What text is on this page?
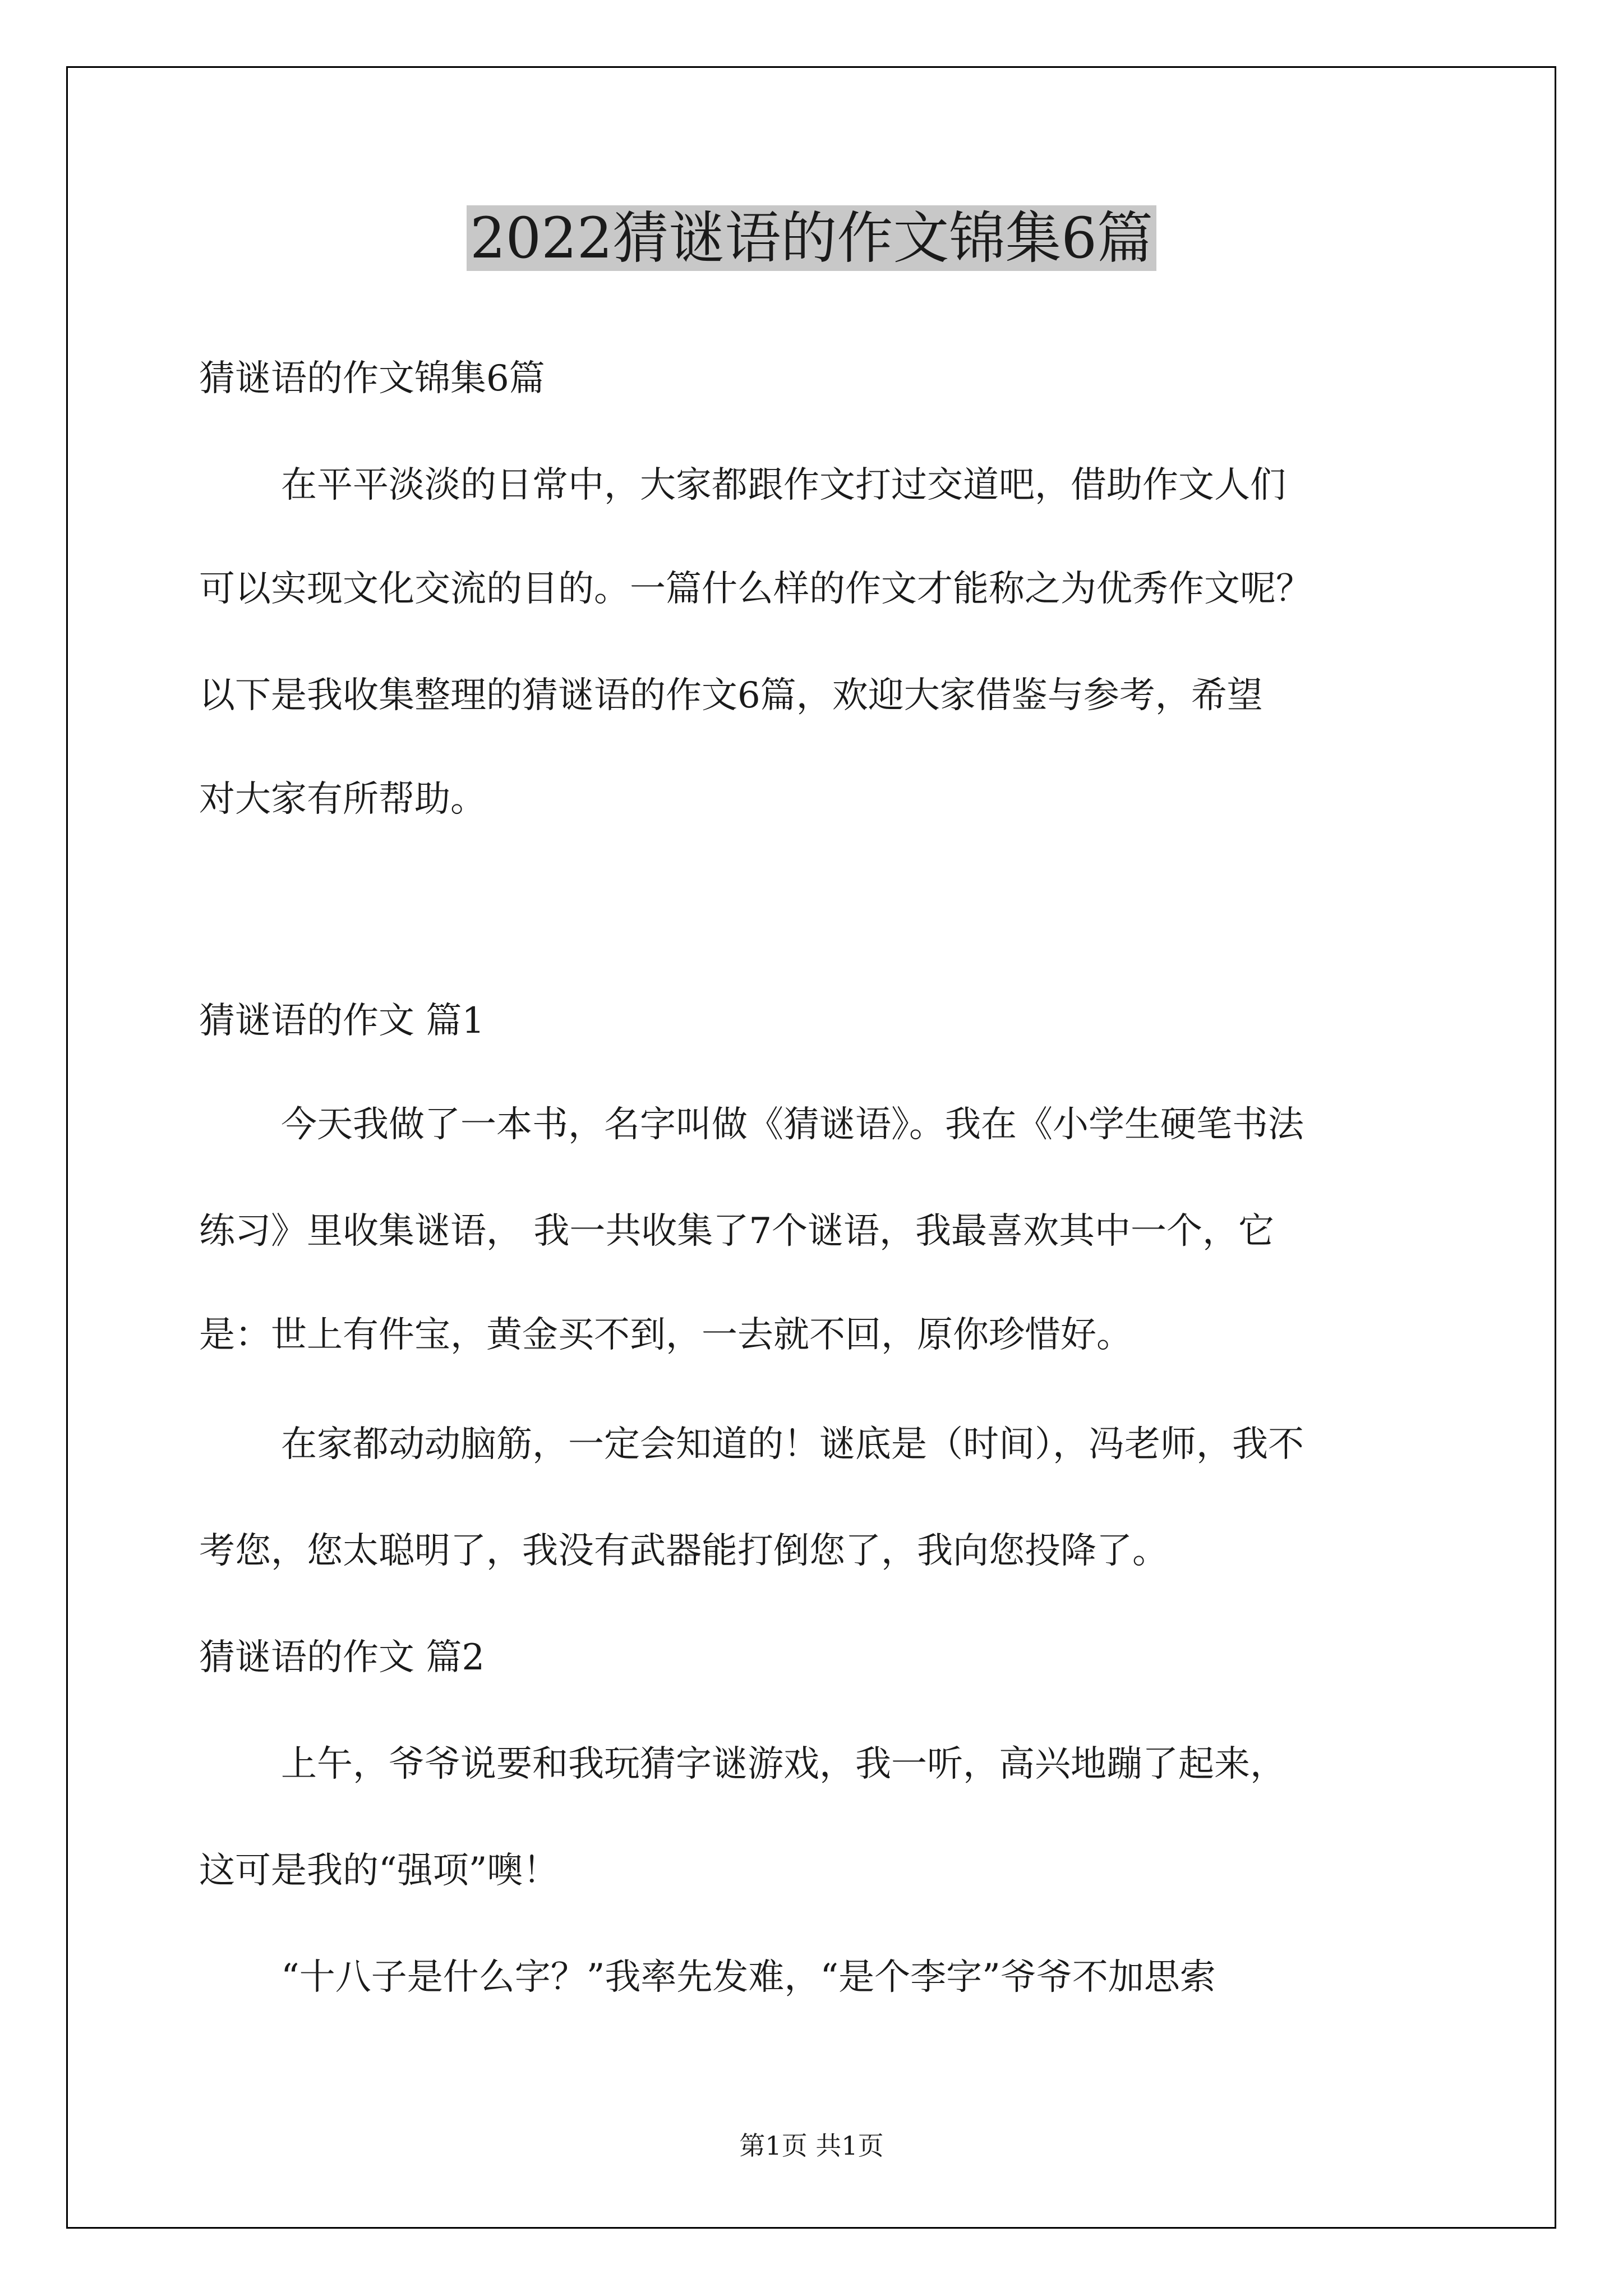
2022猜谜语的作文锦集6篇

猜谜语的作文锦集6篇

在平平淡淡的日常中，大家都跟作文打过交道吧，借助作文人们

可以实现文化交流的目的。一篇什么样的作文才能称之为优秀作文呢？

以下是我收集整理的猜谜语的作文6篇，欢迎大家借鉴与参考，希望

对大家有所帮助。

猜谜语的作文 篇1

今天我做了一本书，名字叫做《猜谜语》。我在《小学生硬笔书法

练习》里收集谜语， 我一共收集了7个谜语，我最喜欢其中一个，它

是：世上有件宝，黄金买不到，一去就不回，原你珍惜好。

在家都动动脑筋，一定会知道的！谜底是（时间），冯老师，我不

考您，您太聪明了，我没有武器能打倒您了，我向您投降了。

猜谜语的作文 篇2

上午，爷爷说要和我玩猜字谜游戏，我一听，高兴地蹦了起来，

这可是我的“强项”噢！

“十八子是什么字？”我率先发难，“是个李字”爷爷不加思索

第1页 共1页
